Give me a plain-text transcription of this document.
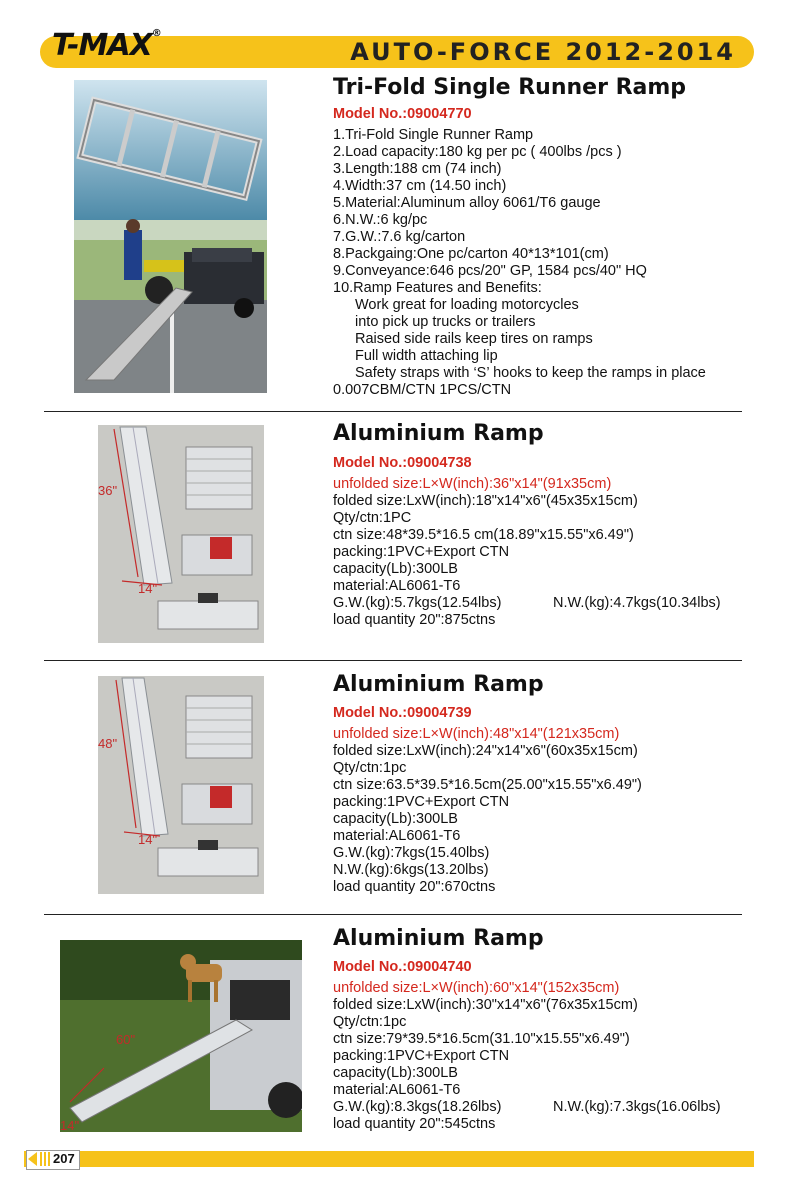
T-MAX®
AUTO-FORCE 2012-2014
Tri-Fold Single Runner Ramp
Model No.:09004770
1.Tri-Fold Single Runner Ramp
2.Load capacity:180 kg per pc ( 400lbs /pcs )
3.Length:188 cm (74 inch)
4.Width:37 cm (14.50 inch)
5.Material:Aluminum alloy 6061/T6 gauge
6.N.W.:6 kg/pc
7.G.W.:7.6 kg/carton
8.Packgaing:One pc/carton 40*13*101(cm)
9.Conveyance:646 pcs/20" GP, 1584 pcs/40" HQ
10.Ramp Features and Benefits:
Work great for loading motorcycles
into pick up trucks or trailers
Raised side rails keep tires on ramps
Full width attaching lip
Safety straps with ‘S’ hooks to keep the ramps in place
0.007CBM/CTN 1PCS/CTN
36"
14"
Aluminium Ramp
Model No.:09004738
unfolded size:L×W(inch):36"x14"(91x35cm)
folded size:LxW(inch):18"x14"x6"(45x35x15cm)
Qty/ctn:1PC
ctn size:48*39.5*16.5 cm(18.89"x15.55"x6.49")
packing:1PVC+Export CTN
capacity(Lb):300LB
material:AL6061-T6
G.W.(kg):5.7kgs(12.54lbs)	N.W.(kg):4.7kgs(10.34lbs)
load quantity 20":875ctns
48"
14"
Aluminium Ramp
Model No.:09004739
unfolded size:L×W(inch):48"x14"(121x35cm)
folded size:LxW(inch):24"x14"x6"(60x35x15cm)
Qty/ctn:1pc
ctn size:63.5*39.5*16.5cm(25.00"x15.55"x6.49")
packing:1PVC+Export CTN
capacity(Lb):300LB
material:AL6061-T6
G.W.(kg):7kgs(15.40lbs)
N.W.(kg):6kgs(13.20lbs)
load quantity 20":670ctns
60"
14"
Aluminium Ramp
Model No.:09004740
unfolded size:L×W(inch):60"x14"(152x35cm)
folded size:LxW(inch):30"x14"x6"(76x35x15cm)
Qty/ctn:1pc
ctn size:79*39.5*16.5cm(31.10"x15.55"x6.49")
packing:1PVC+Export CTN
capacity(Lb):300LB
material:AL6061-T6
G.W.(kg):8.3kgs(18.26lbs)	N.W.(kg):7.3kgs(16.06lbs)
load quantity 20":545ctns
207
